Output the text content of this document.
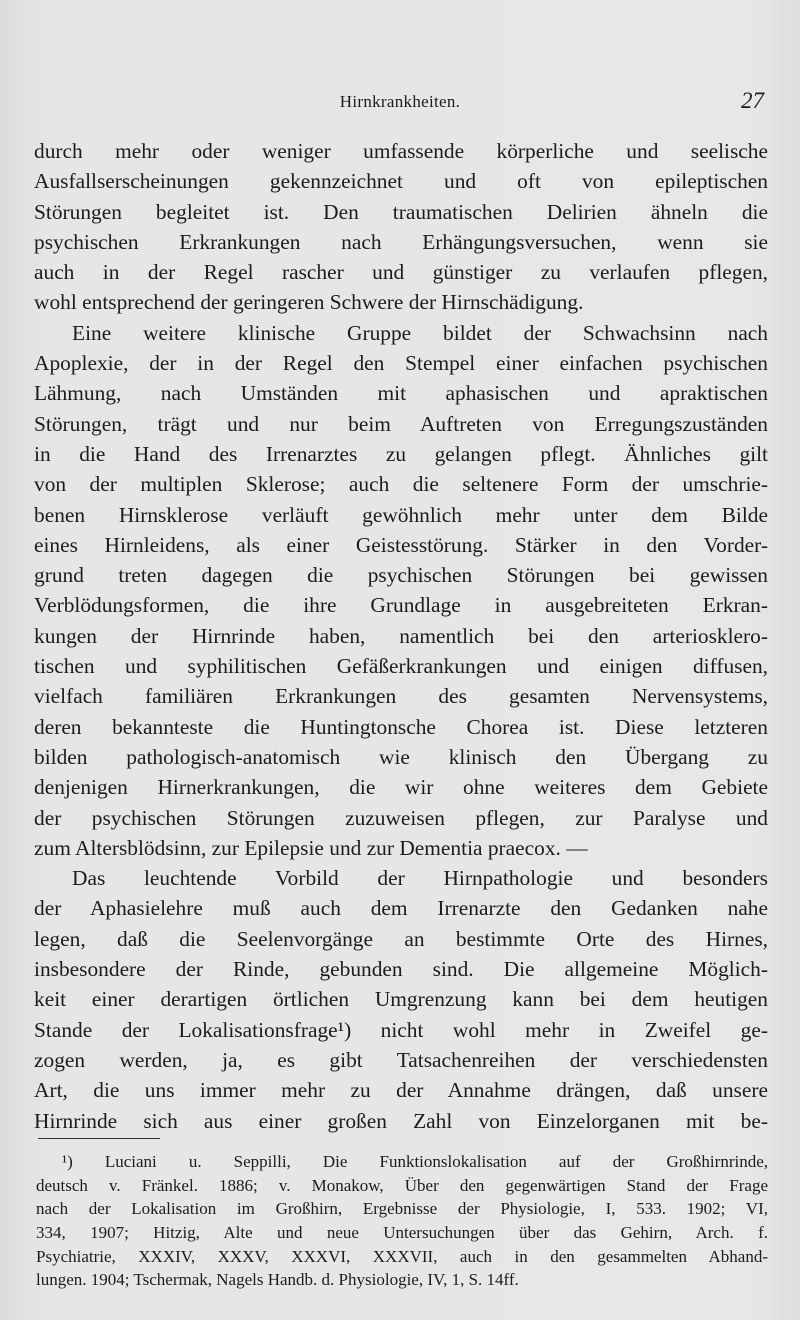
Hirnkrankheiten.	27
durch mehr oder weniger umfassende körperliche und seelische
Ausfallserscheinungen gekennzeichnet und oft von epileptischen
Störungen begleitet ist. Den traumatischen Delirien ähneln die
psychischen Erkrankungen nach Erhängungsversuchen, wenn sie
auch in der Regel rascher und günstiger zu verlaufen pflegen,
wohl entsprechend der geringeren Schwere der Hirnschädigung.
Eine weitere klinische Gruppe bildet der Schwachsinn nach
Apoplexie, der in der Regel den Stempel einer einfachen psychischen
Lähmung, nach Umständen mit aphasischen und apraktischen
Störungen, trägt und nur beim Auftreten von Erregungszuständen
in die Hand des Irrenarztes zu gelangen pflegt. Ähnliches gilt
von der multiplen Sklerose; auch die seltenere Form der umschrie-
benen Hirnsklerose verläuft gewöhnlich mehr unter dem Bilde
eines Hirnleidens, als einer Geistesstörung. Stärker in den Vorder-
grund treten dagegen die psychischen Störungen bei gewissen
Verblödungsformen, die ihre Grundlage in ausgebreiteten Erkran-
kungen der Hirnrinde haben, namentlich bei den arteriosklero-
tischen und syphilitischen Gefäßerkrankungen und einigen diffusen,
vielfach familiären Erkrankungen des gesamten Nervensystems,
deren bekannteste die Huntingtonsche Chorea ist. Diese letzteren
bilden pathologisch-anatomisch wie klinisch den Übergang zu
denjenigen Hirnerkrankungen, die wir ohne weiteres dem Gebiete
der psychischen Störungen zuzuweisen pflegen, zur Paralyse und
zum Altersblödsinn, zur Epilepsie und zur Dementia praecox. —
Das leuchtende Vorbild der Hirnpathologie und besonders
der Aphasielehre muß auch dem Irrenarzte den Gedanken nahe
legen, daß die Seelenvorgänge an bestimmte Orte des Hirnes,
insbesondere der Rinde, gebunden sind. Die allgemeine Möglich-
keit einer derartigen örtlichen Umgrenzung kann bei dem heutigen
Stande der Lokalisationsfrage¹) nicht wohl mehr in Zweifel ge-
zogen werden, ja, es gibt Tatsachenreihen der verschiedensten
Art, die uns immer mehr zu der Annahme drängen, daß unsere
Hirnrinde sich aus einer großen Zahl von Einzelorganen mit be-
¹) Luciani u. Seppilli, Die Funktionslokalisation auf der Großhirnrinde,
deutsch v. Fränkel. 1886; v. Monakow, Über den gegenwärtigen Stand der Frage
nach der Lokalisation im Großhirn, Ergebnisse der Physiologie, I, 533. 1902; VI,
334, 1907; Hitzig, Alte und neue Untersuchungen über das Gehirn, Arch. f.
Psychiatrie, XXXIV, XXXV, XXXVI, XXXVII, auch in den gesammelten Abhand-
lungen. 1904; Tschermak, Nagels Handb. d. Physiologie, IV, 1, S. 14ff.
